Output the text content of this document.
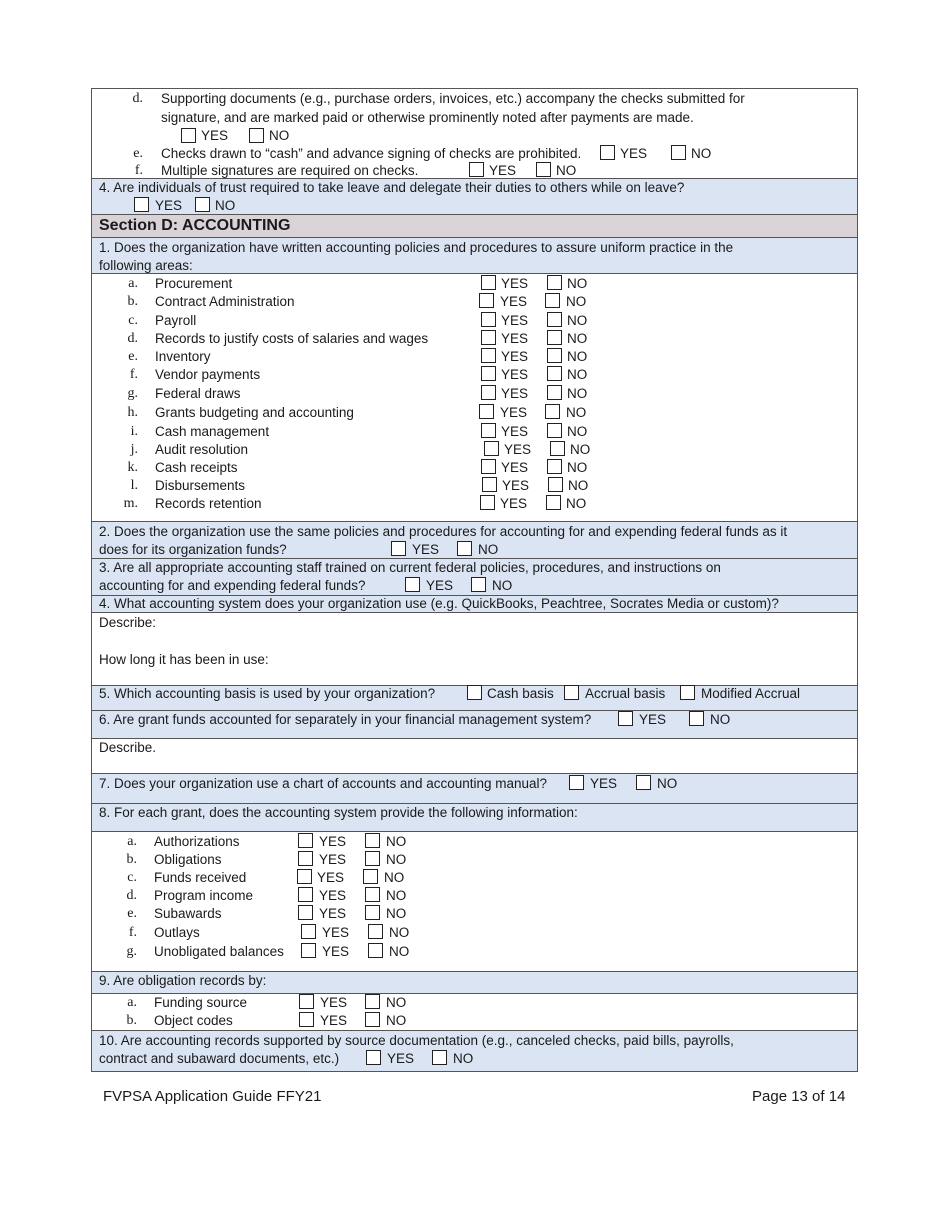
d. Supporting documents (e.g., purchase orders, invoices, etc.) accompany the checks submitted for
signature, and are marked paid or otherwise prominently noted after payments are made.
YES	NO
e. Checks drawn to “cash” and advance signing of checks are prohibited.	YES	NO
f. Multiple signatures are required on checks.	YES	NO
4. Are individuals of trust required to take leave and delegate their duties to others while on leave?
YES NO
Section D: ACCOUNTING
1. Does the organization have written accounting policies and procedures to assure uniform practice in the
following areas:
a. Procurement	YES	NO
b. Contract Administration	YES	NO
c. Payroll	YES	NO
d. Records to justify costs of salaries and wages	YES	NO
e. Inventory	YES	NO
f. Vendor payments	YES	NO
g. Federal draws	YES	NO
h. Grants budgeting and accounting	YES	NO
i. Cash management	YES	NO
j. Audit resolution	YES	NO
k. Cash receipts	YES	NO
l. Disbursements	YES	NO
m. Records retention	YES	NO
2. Does the organization use the same policies and procedures for accounting for and expending federal funds as it
does for its organization funds?	YES	NO
3. Are all appropriate accounting staff trained on current federal policies, procedures, and instructions on
accounting for and expending federal funds?	YES	NO
4. What accounting system does your organization use (e.g. QuickBooks, Peachtree, Socrates Media or custom)?
Describe:
How long it has been in use:
5. Which accounting basis is used by your organization?	Cash basis Accrual basis	Modified Accrual
6. Are grant funds accounted for separately in your financial management system?	YES	NO
Describe.
7. Does your organization use a chart of accounts and accounting manual?	YES	NO
8. For each grant, does the accounting system provide the following information:
a. Authorizations	YES	NO
b. Obligations	YES	NO
c. Funds received	YES	NO
d. Program income	YES	NO
e. Subawards	YES	NO
f. Outlays	YES	NO
g. Unobligated balances	YES	NO
9. Are obligation records by:
a. Funding source	YES	NO
b. Object codes	YES	NO
10. Are accounting records supported by source documentation (e.g., canceled checks, paid bills, payrolls,
contract and subaward documents, etc.)	YES	NO
FVPSA Application Guide FFY21	Page 13 of 14
